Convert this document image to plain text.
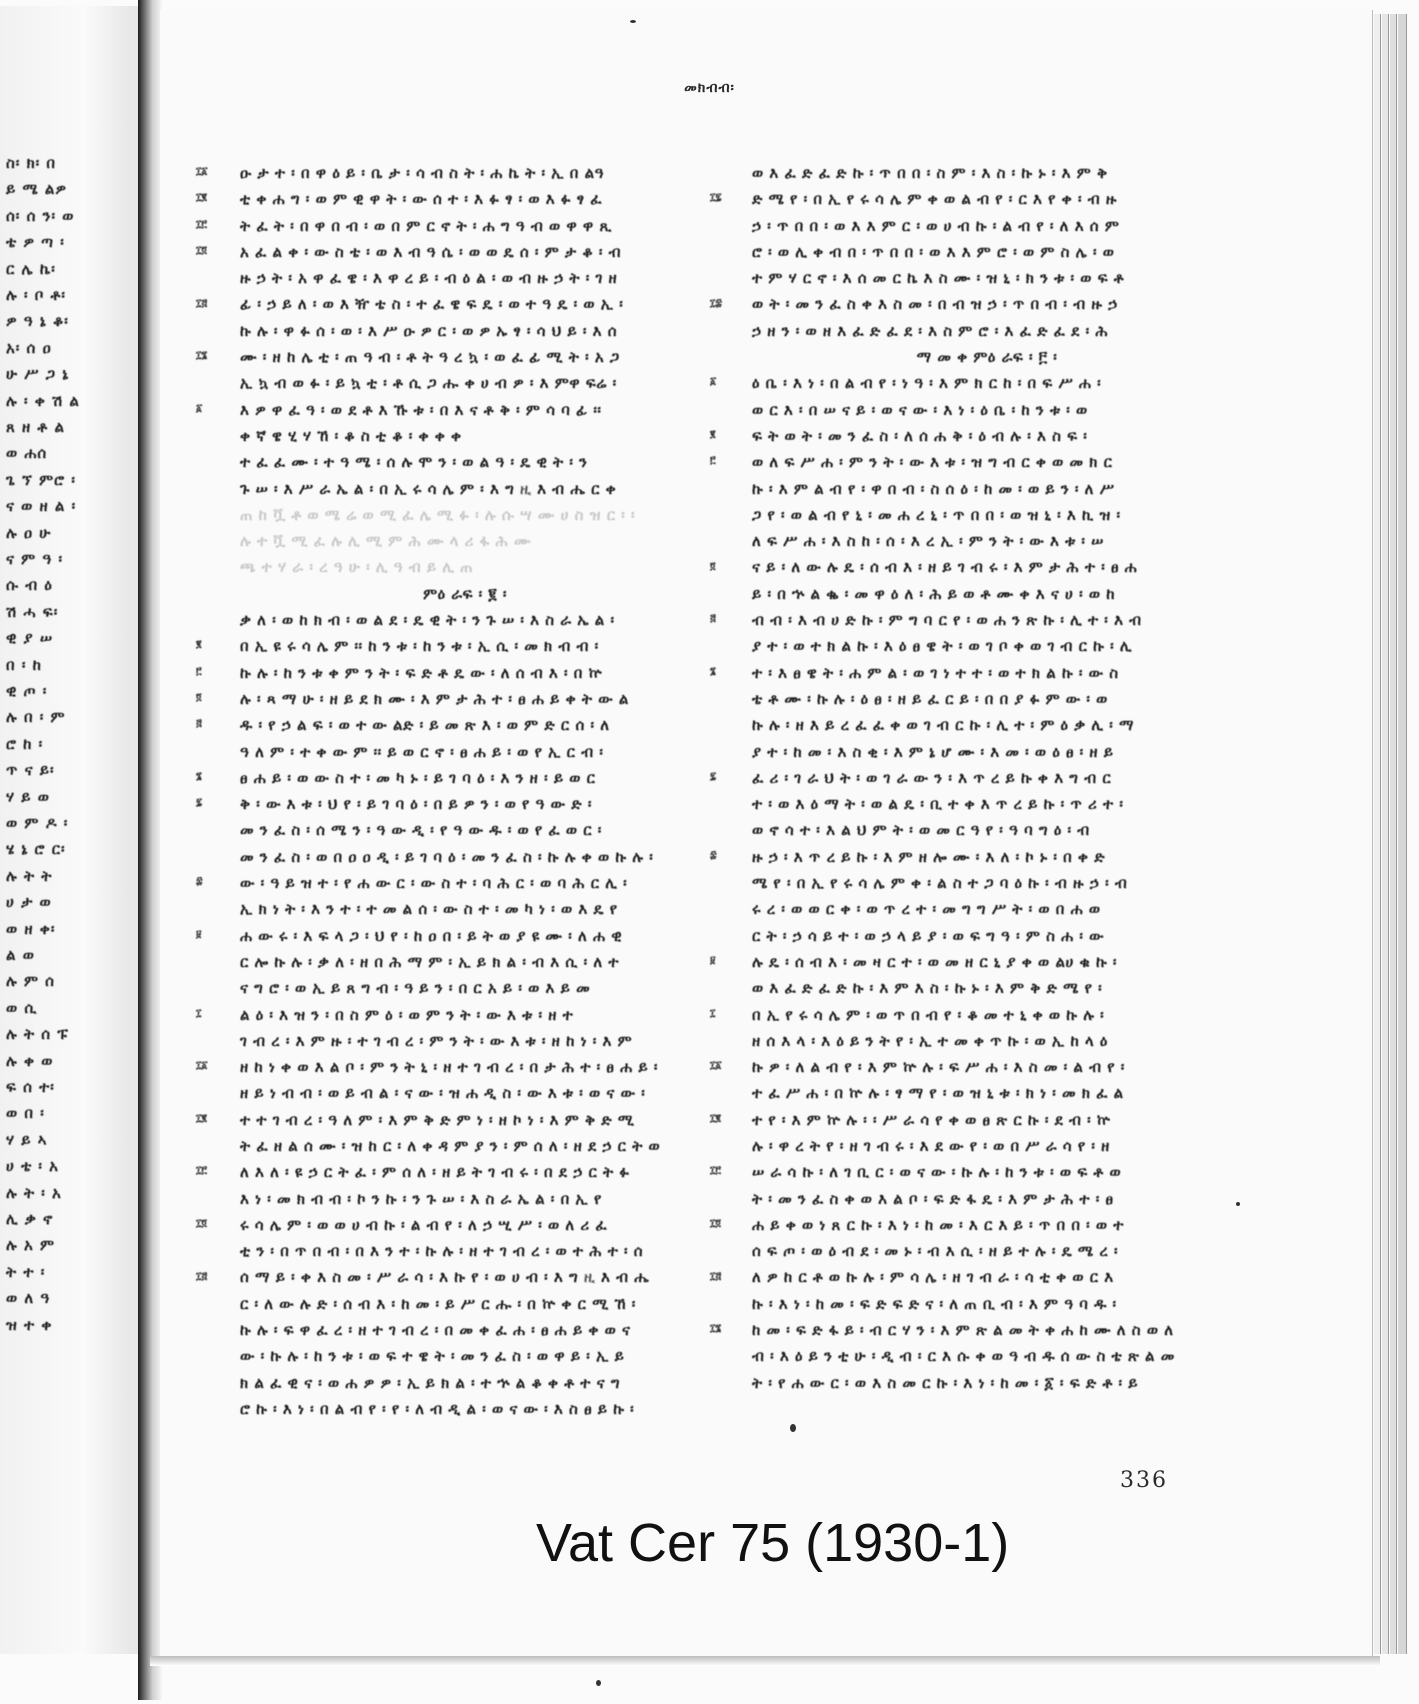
ስ፡ ክ፡ በ
ይ ሜ ልዎ
ሰ፡ ሰ ን፡ ወ
ቴ ዎ ጣ ፡
ር ሌ ኬ፡
ሉ ፡ ቦ ቶ፡
ዎ ዓ ኔ ቆ፡
አ፡ ሰ ዐ
ሁ ሥ ጋ ኔ
ሉ ፡ ቀ ሽ ል
ጸ ዘ ቶ ል
ወ ሐሰ
ጌ ኘ ምሮ ፡
ና ወ ዘ ል ፡
ሉ ዐ ሁ
ና ም ዓ ፡
ሱ ብ ዕ
ሽ ሓ ፍ፡
ዊ ያ ሠ
በ ፡ ከ
ዊ ጦ ፡
ሉ በ ፡ ም
ሮ ከ ፡
ጥ ና ይ፡
ሃ ይ ወ
ወ ም ዶ ፡
ሄ ኔ ሮ ር፡
ሉ ት ት
ሀ ታ ወ
ወ ዘ ቀ፡
ል ወ
ሉ ም ሰ
ወ ሲ
ሉ ት ሰ ፑ
ሉ ቀ ወ
ፍ ሰ ተ፡
ወ በ ፡
ሃ ይ ኣ
ሀ ቴ ፡ አ
ሉ ት ፡ አ
ሊ ቃ ኖ
ሉ አ ም
ት ተ ፡
ወ ለ ዓ
ዝ ተ ቀ
መክብብ፡
ዑ ታ ተ ፡ በ ዋ ዕ ይ ፡ ቤ ታ ፡ ሳ ብ ስ ት ፡ ሐ ኬ ት ፡ ኢ በ ልዓ
ቲ ቀ ሐ ግ ፡ ወ ም ዊ ዋ ት ፡ ው ሰ ተ ፡ እ ፉ ፃ ፡ ወ እ ፉ ፃ ፈ
ት ፈ ት ፡ በ ዋ በ ብ ፡ ወ በ ም ር ኖ ት ፡ ሐ ግ ዓ ብ ወ ዋ ዋ ጺ
አ ፈ ል ቀ ፡ ው ስ ቴ ፡ ወ እ ብ ዓ ሴ ፡ ወ ወ ዴ ሰ ፡ ም ታ ቆ ፡ ብ
ዙ ኃ ት ፡ አ ዋ ፈ ዌ ፡ እ ዋ ረ ይ ፡ ብ ዕ ል ፡ ወ ብ ዙ ኃ ት ፡ ገ ዘ
ፊ ፡ ኃ ይ ለ ፡ ወ እ ዥ ቴ ስ ፡ ተ ፈ ዌ ፍ ዴ ፡ ወ ተ ዓ ዴ ፡ ወ ኢ ፡
ኩ ሉ ፡ ዋ ፉ ሰ ፡ ወ ፡ እ ሥ ዑ ዎ ር ፡ ወ ዎ ኡ ፃ ፡ ሳ ህ ይ ፡ እ ሰ
ሙ ፡ ዘ ከ ሌ ቲ ፡ ጠ ዓ ብ ፡ ቶ ት ዓ ረ ኳ ፡ ወ ፈ ፊ ሚ ት ፡ አ ጋ
ኢ ኳ ብ ወ ፉ ፡ ይ ኳ ቲ ፡ ቶ ሲ ጋ ሑ ቀ ሀ ብ ዎ ፡ እ ምዋ ፍሬ ፡
እ ዎ ዋ ፈ ዓ ፡ ወ ደ ቶ እ ኹ ቱ ፡ በ እ ና ቶ ቅ ፡ ም ሳ ባ ፊ ፡፡
ቀ ኛ ዌ ሂ ሃ ኸ ፡ ቆ ስ ቲ ቆ ፡ ቀ ቀ ቀ
ተ ፈ ፈ ሙ ፡ ተ ዓ ሜ ፡ ሰ ሉ ሞ ን ፡ ወ ል ዓ ፡ ዴ ዊ ት ፡ ን
ጉ ሠ ፡ እ ሥ ራ ኤ ል ፡ በ ኢ ሩ ሳ ሌ ም ፡ እ ግ ዚ እ ብ ሔ ር ቀ
ጠ ከ ቯ ቶ ወ ሜ ሬ ወ ሚ ፈ ሌ ሚ ፉ ፡ ሉ ሱ ሣ ሙ ሀ ስ ዝ ር ፡ ፡
ሉ ተ ቯ ሚ ፈ ሉ ሊ ሚ ም ሕ ሙ ላ ሪ ፋ ሕ ሙ
ጫ ተ ሃ ራ ፡ ረ ዓ ሁ ፡ ሊ ዓ ብ ይ ሊ ጠ
ምዕ ራፍ ፡ ፪ ፡
ቃ ለ ፡ ወ ከ ክ ብ ፡ ወ ል ደ ፡ ዴ ዊ ት ፡ ን ጉ ሠ ፡ እ ስ ራ ኤ ል ፡
በ ኢ ዩ ሩ ሳ ሌ ም ፡፡ ከ ን ቱ ፡ ከ ን ቱ ፡ ኢ ሲ ፡ መ ክ ብ ብ ፡
ኩ ሉ ፡ ከ ን ቱ ቀ ም ን ት ፡ ፍ ድ ቶ ዴ ው ፡ ለ ሰ ብ እ ፡ በ ኵ
ሉ ፡ ጻ ማ ሁ ፡ ዘ ይ ደ ክ ሙ ፡ እ ም ታ ሕ ተ ፡ ፀ ሐ ይ ቀ ት ው ል
ዱ ፡ የ ኃ ል ፍ ፡ ወ ተ ው ልድ ፡ ይ መ ጽ እ ፡ ወ ም ድ ር ሰ ፡ ለ
ዓ ለ ም ፡ ተ ቀ ው ም ፡፡ ይ ወ ር ኖ ፡ ፀ ሐ ይ ፡ ወ የ ኢ ር ብ ፡
ፀ ሐ ይ ፡ ወ ው ስ ተ ፡ መ ካ ኑ ፡ ይ ገ ባ ዕ ፡ እ ን ዘ ፡ ይ ወ ር
ቅ ፡ ው እ ቱ ፡ ህ የ ፡ ይ ገ ባ ዕ ፡ በ ይ ዎ ን ፡ ወ የ ዓ ው ድ ፡
መ ን ፈ ስ ፡ ሰ ሜ ን ፡ ዓ ው ዲ ፡ የ ዓ ው ዱ ፡ ወ የ ፈ ወ ር ፡
መ ን ፈ ስ ፡ ወ በ ዐ ዐ ዲ ፡ ይ ገ ባ ዕ ፡ መ ን ፈ ስ ፡ ኩ ሉ ቀ ወ ኩ ሉ ፡
ው ፡ ዓ ይ ዝ ተ ፡ የ ሐ ው ር ፡ ው ስ ተ ፡ ባ ሕ ር ፡ ወ ባ ሕ ር ሊ ፡
ኢ ክ ነ ት ፡ እ ን ተ ፡ ተ መ ል ሰ ፡ ው ስ ተ ፡ መ ካ ነ ፡ ወ እ ዴ የ
ሐ ው ሩ ፡ እ ፍ ላ ጋ ፡ ህ የ ፡ ከ ዐ በ ፡ ይ ት ወ ያ ዩ ሙ ፡ ለ ሐ ዊ
ር ሎ ኩ ሉ ፡ ቃ ለ ፡ ዘ በ ሕ ማ ም ፡ ኢ ይ ክ ል ፡ ብ እ ሲ ፡ ለ ተ
ና ግ ሮ ፡ ወ ኢ ይ ጸ ግ ብ ፡ ዓ ይ ን ፡ በ ር አ ይ ፡ ወ እ ይ መ
ል ዕ ፡ እ ዝ ን ፡ በ ስ ም ዕ ፡ ወ ም ን ት ፡ ው እ ቱ ፡ ዘ ተ
ገ ብ ረ ፡ እ ም ዙ ፡ ተ ገ ብ ረ ፡ ም ን ት ፡ ው እ ቱ ፡ ዘ ከ ነ ፡ እ ም
ዘ ከ ነ ቀ ወ እ ል ቦ ፡ ም ን ት ኒ ፡ ዘ ተ ገ ብ ረ ፡ በ ታ ሕ ተ ፡ ፀ ሐ ይ ፡
ዘ ይ ነ ብ ብ ፡ ወ ይ ብ ል ፡ ና ው ፡ ዝ ሐ ዲ ስ ፡ ው እ ቱ ፡ ወ ና ው ፡
ተ ተ ገ ብ ረ ፡ ዓ ለ ም ፡ እ ም ቅ ድ ም ነ ፡ ዘ ኮ ነ ፡ እ ም ቅ ድ ሚ
ት ፈ ዘ ል ሰ ሙ ፡ ዝ ከ ር ፡ ለ ቀ ዳ ም ያ ን ፡ ም ሰ ለ ፡ ዘ ደ ኃ ር ት ወ
ለ እ ለ ፡ ዩ ኃ ር ት ፈ ፡ ም ሰ ለ ፡ ዘ ይ ት ገ ብ ሩ ፡ በ ደ ኃ ር ት ፉ
እ ነ ፡ መ ክ ብ ብ ፡ ኮ ን ኩ ፡ ን ጉ ሠ ፡ እ ስ ራ ኤ ል ፡ በ ኢ የ
ሩ ሳ ሌ ም ፡ ወ ወ ሀ ብ ኩ ፡ ል ብ የ ፡ ለ ኃ ሢ ሥ ፡ ወ ለ ሪ ፈ
ቲ ን ፡ በ ጥ በ ብ ፡ በ እ ን ተ ፡ ኩ ሉ ፡ ዘ ተ ገ ብ ረ ፡ ወ ተ ሕ ተ ፡ ሰ
ሰ ማ ይ ፡ ቀ እ ስ መ ፡ ሥ ራ ሳ ፡ እ ኩ የ ፡ ወ ሀ ብ ፡ እ ግ ዚ እ ብ ሔ
ር ፡ ለ ው ሉ ድ ፡ ሰ ብ እ ፡ ከ መ ፡ ይ ሥ ር ሑ ፡ በ ኵ ቀ ር ሚ ኸ ፡
ኩ ሉ ፡ ፍ ዋ ፈ ረ ፡ ዘ ተ ገ ብ ረ ፡ በ መ ቀ ፈ ሐ ፡ ፀ ሐ ይ ቀ ወ ና
ው ፡ ኩ ሉ ፡ ከ ን ቱ ፡ ወ ፍ ተ ዌ ት ፡ መ ን ፈ ስ ፡ ወ ዋ ይ ፡ ኢ ይ
ክ ል ፈ ዊ ና ፡ ወ ሐ ዎ ዎ ፡ ኢ ይ ክ ል ፡ ተ ኍ ል ቆ ቀ ቶ ተ ና ግ
ሮ ኩ ፡ እ ነ ፡ በ ል ብ የ ፡ የ ፡ ለ ብ ዲ ል ፡ ወ ና ው ፡ እ ስ ፀ ይ ኩ ፡
ወ እ ፈ ድ ፈ ድ ኩ ፡ ጥ በ በ ፡ ስ ም ፡ እ ስ ፡ ኩ ኑ ፡ እ ም ቅ
ድ ሜ የ ፡ በ ኢ የ ሩ ሳ ሌ ም ቀ ወ ል ብ የ ፡ ር እ የ ቀ ፡ ብ ዙ
ኃ ፡ ጥ በ በ ፡ ወ እ እ ም ር ፡ ወ ሀ ብ ኩ ፡ ል ብ የ ፡ ለ እ ሰ ም
ሮ ፡ ወ ሊ ቀ ብ በ ፡ ጥ በ በ ፡ ወ እ እ ም ሮ ፡ ወ ም ስ ሌ ፡ ወ
ተ ም ሃ ር ኖ ፡ እ ሰ መ ር ኬ እ ስ ሙ ፡ ዝ ኒ ፡ ክ ን ቱ ፡ ወ ፍ ቶ
ወ ት ፡ መ ን ፈ ስ ቀ እ ስ መ ፡ በ ብ ዝ ኃ ፡ ጥ በ ብ ፡ ብ ዙ ኃ
ኃ ዘ ን ፡ ወ ዘ እ ፈ ድ ፈ ደ ፡ እ ስ ም ሮ ፡ እ ፈ ድ ፈ ደ ፡ ሕ
ማ መ ቀ ምዕ ራፍ ፡ ፫ ፡
ዕ ቤ ፡ እ ነ ፡ በ ል ብ የ ፡ ነ ዓ ፡ እ ም ክ ር ከ ፡ በ ፍ ሥ ሐ ፡
ወ ር እ ፡ በ ሠ ና ይ ፡ ወ ና ው ፡ እ ነ ፡ ዕ ቤ ፡ ከ ን ቱ ፡ ወ
ፍ ት ወ ት ፡ መ ን ፈ ስ ፡ ለ ሰ ሐ ቅ ፡ ዕ ብ ሉ ፡ እ ስ ፍ ፡
ወ ለ ፍ ሥ ሐ ፡ ም ን ት ፡ ው እ ቱ ፡ ዝ ግ ብ ር ቀ ወ መ ክ ር
ኩ ፡ እ ም ል ብ የ ፡ ዋ በ ብ ፡ ስ ሰ ዕ ፡ ከ መ ፡ ወ ይ ን ፡ ለ ሥ
ጋ የ ፡ ወ ል ብ የ ኒ ፡ መ ሐ ረ ኒ ፡ ጥ በ በ ፡ ወ ዝ ኒ ፡ እ ኪ ዝ ፡
ለ ፍ ሥ ሐ ፡ እ ስ ከ ፡ ሰ ፡ እ ረ ኢ ፡ ም ን ት ፡ ው እ ቱ ፡ ሠ
ና ይ ፡ ለ ው ሉ ዴ ፡ ሰ ብ እ ፡ ዘ ይ ገ ብ ሩ ፡ እ ም ታ ሕ ተ ፡ ፀ ሐ
ይ ፡ በ ኍ ል ቈ ፡ መ ዋ ዕ ለ ፡ ሕ ይ ወ ቶ ሙ ቀ እ ና ሀ ፡ ወ ከ
ብ ብ ፡ እ ብ ሀ ድ ኩ ፡ ም ግ ባ ር የ ፡ ወ ሐ ን ጽ ኩ ፡ ሊ ተ ፡ እ ብ
ያ ተ ፡ ወ ተ ክ ል ኩ ፡ እ ዕ ፀ ዌ ት ፡ ወ ገ ቦ ቀ ወ ገ ብ ር ኩ ፡ ሊ
ተ ፡ እ ፀ ዌ ት ፡ ሐ ም ል ፡ ወ ገ ነ ተ ተ ፡ ወ ተ ክ ል ኩ ፡ ው ስ
ቴ ቶ ሙ ፡ ኩ ሉ ፡ ዕ ፀ ፡ ዘ ይ ፈ ር ይ ፡ በ በ ያ ፉ ም ው ፡ ወ
ኩ ሉ ፡ ዘ እ ይ ረ ፈ ፈ ቀ ወ ገ ብ ር ኩ ፡ ሊ ተ ፡ ም ዕ ቃ ሊ ፡ ማ
ያ ተ ፡ ከ መ ፡ እ ስ ቂ ፡ እ ም ኔ ሆ ሙ ፡ እ መ ፡ ወ ዕ ፀ ፡ ዘ ይ
ፈ ሪ ፡ ገ ራ ህ ት ፡ ወ ገ ራ ው ን ፡ እ ጥ ረ ይ ኩ ቀ እ ግ ብ ር
ተ ፡ ወ እ ዕ ማ ት ፡ ወ ል ዴ ፡ ቢ ተ ቀ እ ጥ ረ ይ ኩ ፡ ጥ ሪ ተ ፡
ወ ኖ ሳ ተ ፡ እ ል ህ ም ት ፡ ወ መ ር ዓ የ ፡ ዓ ባ ግ ዕ ፡ ብ
ዙ ኃ ፡ እ ጥ ረ ይ ኩ ፡ እ ም ዘ ሎ ሙ ፡ እ ለ ፡ ኮ ኑ ፡ በ ቀ ድ
ሜ የ ፡ በ ኢ የ ሩ ሳ ሌ ም ቀ ፡ ል ስ ተ ጋ ባ ዕ ኩ ፡ ብ ዙ ኃ ፡ ብ
ሩ ረ ፡ ወ ወ ር ቀ ፡ ወ ጥ ረ ተ ፡ መ ግ ግ ሥ ት ፡ ወ በ ሐ ወ
ር ት ፡ ኃ ሳ ይ ተ ፡ ወ ኃ ላ ይ ያ ፡ ወ ፍ ግ ዓ ፡ ም ስ ሐ ፡ ው
ሉ ዴ ፡ ሰ ብ እ ፡ መ ዛ ር ተ ፡ ወ መ ዘ ር ኒ ያ ቀ ወ ልሀ ቁ ኩ ፡
ወ እ ፈ ድ ፈ ድ ኩ ፡ እ ም እ ስ ፡ ኩ ኑ ፡ እ ም ቅ ድ ሜ የ ፡
በ ኢ የ ሩ ሳ ሌ ም ፡ ወ ጥ በ ብ የ ፡ ቆ መ ተ ኒ ቀ ወ ኩ ሉ ፡
ዘ ሰ እ ላ ፡ እ ዕ ይ ን ት የ ፡ ኢ ተ መ ቀ ጥ ኩ ፡ ወ ኢ ከ ላ ዕ
ኩ ዎ ፡ ለ ል ብ የ ፡ እ ም ኵ ሉ ፡ ፍ ሥ ሐ ፡ እ ስ መ ፡ ል ብ የ ፡
ተ ፈ ሥ ሐ ፡ በ ኵ ሉ ፡ ፃ ማ የ ፡ ወ ዝ ኒ ቱ ፡ ክ ነ ፡ መ ክ ፈ ል
ተ የ ፡ እ ም ኵ ሉ ፡ ፡ ሥ ራ ሳ የ ቀ ወ ፀ ጽ ር ኩ ፡ ደ ብ ፡ ኵ
ሉ ፡ ዋ ረ ት የ ፡ ዘ ገ ብ ሩ ፡ እ ደ ው የ ፡ ወ በ ሥ ራ ሳ የ ፡ ዘ
ሠ ራ ሳ ኩ ፡ ለ ገ ቢ ር ፡ ወ ና ው ፡ ኩ ሉ ፡ ከ ን ቱ ፡ ወ ፍ ቶ ወ
ት ፡ መ ን ፈ ስ ቀ ወ እ ል ቦ ፡ ፍ ድ ፋ ዴ ፡ እ ም ታ ሕ ተ ፡ ፀ
ሐ ይ ቀ ወ ነ ጸ ር ኩ ፡ እ ነ ፡ ከ መ ፡ እ ር እ ይ ፡ ጥ በ በ ፡ ወ ተ
ሰ ፍ ጦ ፡ ወ ዕ ብ ደ ፡ መ ኑ ፡ ብ እ ሲ ፡ ዘ ይ ተ ሉ ፡ ዴ ሜ ረ ፡
ለ ዎ ከ ር ቶ ወ ኩ ሉ ፡ ም ሳ ሌ ፡ ዘ ገ ብ ራ ፡ ሳ ቲ ቀ ወ ር እ
ኩ ፡ እ ነ ፡ ከ መ ፡ ፍ ድ ፍ ድ ና ፡ ለ ጠ ቢ ብ ፡ እ ም ዓ ባ ዱ ፡
ከ መ ፡ ፍ ድ ፋ ይ ፡ ብ ር ሃ ን ፡ እ ም ጽ ል መ ት ቀ ሐ ከ ሙ ለ ስ ወ ለ
ብ ፡ እ ዕ ይ ን ቲ ሁ ፡ ዲ ብ ፡ ር እ ሱ ቀ ወ ዓ ብ ዱ ሰ ው ስ ቴ ጽ ል መ
ት ፡ የ ሐ ው ር ፡ ወ እ ስ መ ር ኩ ፡ እ ነ ፡ ከ መ ፡ ፩ ፡ ፍ ድ ቶ ፡ ይ
336
Vat Cer 75 (1930-1)
፲፩
፲፪
፲፫
፲፬
፲፭
፲፮
፩
፪
፫
፬
፭
፮
፯
፰
፱
፲
፲፩
፲፪
፲፫
፲፬
፲፭
፲፯
፲፰
፩
፪
፫
፬
፭
፮
፯
፰
፱
፲
፲፩
፲፪
፲፫
፲፬
፲፭
፲፮
